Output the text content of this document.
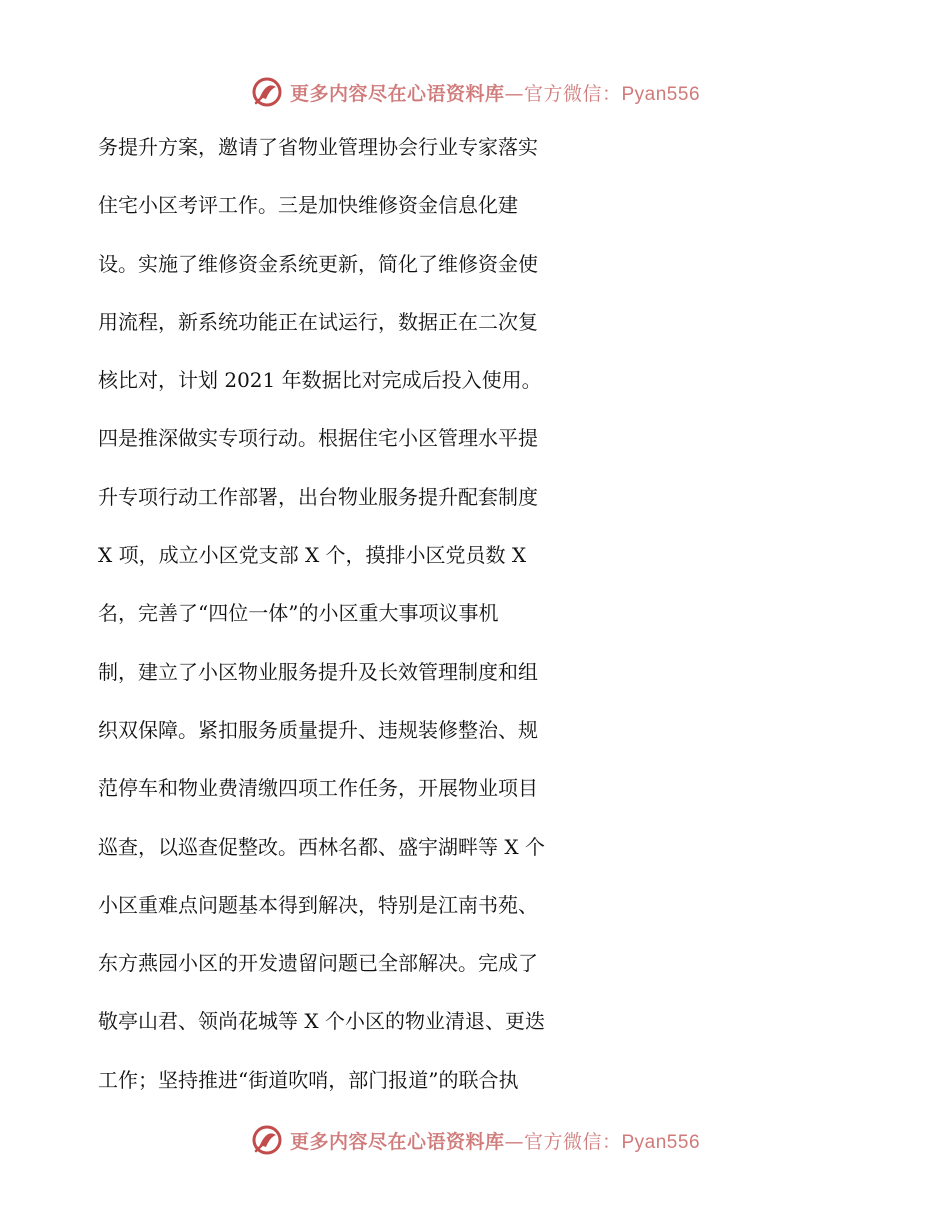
更多内容尽在心语资料库—官方微信：Pyan556
务提升方案，邀请了省物业管理协会行业专家落实
住宅小区考评工作。三是加快维修资金信息化建
设。实施了维修资金系统更新，简化了维修资金使
用流程，新系统功能正在试运行，数据正在二次复
核比对，计划 2021 年数据比对完成后投入使用。
四是推深做实专项行动。根据住宅小区管理水平提
升专项行动工作部署，出台物业服务提升配套制度
X 项，成立小区党支部 X 个，摸排小区党员数 X
名，完善了“四位一体”的小区重大事项议事机
制，建立了小区物业服务提升及长效管理制度和组
织双保障。紧扣服务质量提升、违规装修整治、规
范停车和物业费清缴四项工作任务，开展物业项目
巡查，以巡查促整改。西林名都、盛宇湖畔等 X 个
小区重难点问题基本得到解决，特别是江南书苑、
东方燕园小区的开发遗留问题已全部解决。完成了
敬亭山君、领尚花城等 X 个小区的物业清退、更迭
工作；坚持推进“街道吹哨，部门报道”的联合执
更多内容尽在心语资料库—官方微信：Pyan556
